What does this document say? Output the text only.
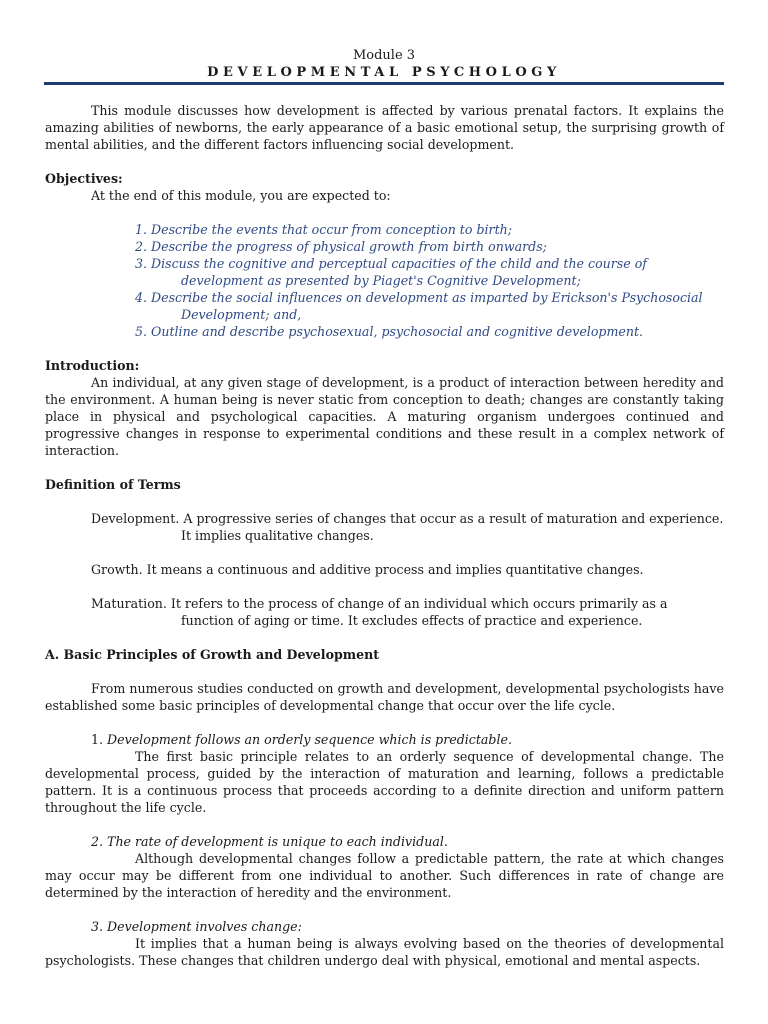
Module 3
DEVELOPMENTAL PSYCHOLOGY

This module discusses how development is affected by various prenatal factors. It explains the amazing abilities of newborns, the early appearance of a basic emotional setup, the surprising growth of mental abilities, and the different factors influencing social development.

Objectives:

At the end of this module, you are expected to:

1. Describe the events that occur from conception to birth;
2. Describe the progress of physical growth from birth onwards;
3. Discuss the cognitive and perceptual capacities of the child and the course of development as presented by Piaget's Cognitive Development;
4. Describe the social influences on development as imparted by Erickson's Psychosocial Development; and,
5. Outline and describe psychosexual, psychosocial and cognitive development.

Introduction:

An individual, at any given stage of development, is a product of interaction between heredity and the environment. A human being is never static from conception to death; changes are constantly taking place in physical and psychological capacities. A maturing organism undergoes continued and progressive changes in response to experimental conditions and these result in a complex network of interaction.

Definition of Terms

Development. A progressive series of changes that occur as a result of maturation and experience. It implies qualitative changes.

Growth. It means a continuous and additive process and implies quantitative changes.

Maturation. It refers to the process of change of an individual which occurs primarily as a function of aging or time. It excludes effects of practice and experience.

A. Basic Principles of Growth and Development

From numerous studies conducted on growth and development, developmental psychologists have established some basic principles of developmental change that occur over the life cycle.

1. Development follows an orderly sequence which is predictable.

The first basic principle relates to an orderly sequence of developmental change. The developmental process, guided by the interaction of maturation and learning, follows a predictable pattern. It is a continuous process that proceeds according to a definite direction and uniform pattern throughout the life cycle.

2. The rate of development is unique to each individual.

Although developmental changes follow a predictable pattern, the rate at which changes may occur may be different from one individual to another. Such differences in rate of change are determined by the interaction of heredity and the environment.

3. Development involves change:

It implies that a human being is always evolving based on the theories of developmental psychologists. These changes that children undergo deal with physical, emotional and mental aspects.
